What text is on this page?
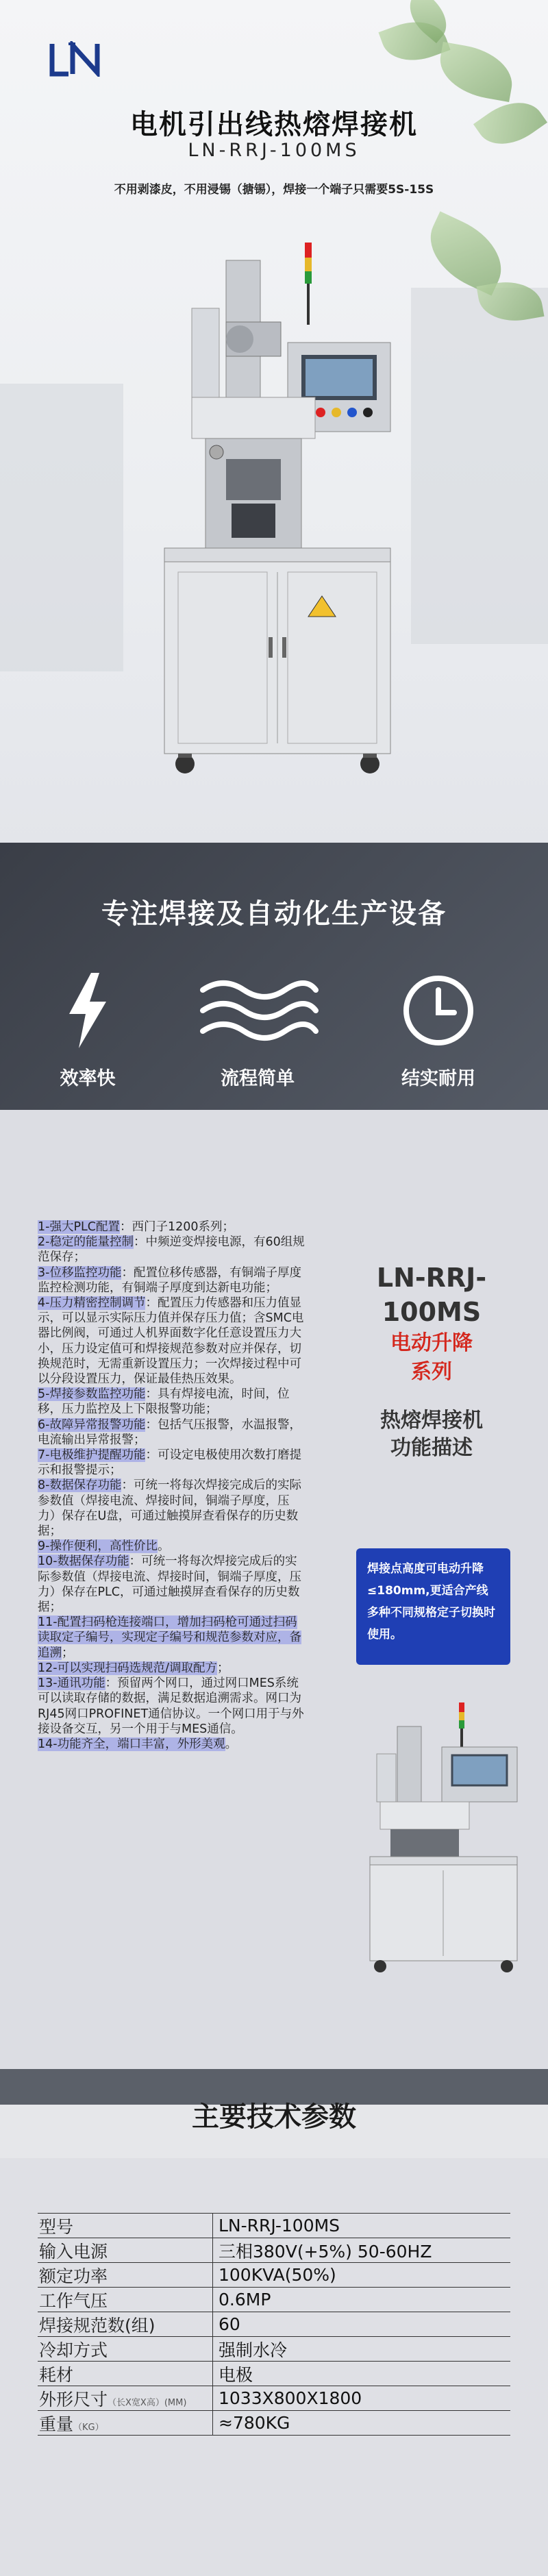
电机引出线热熔焊接机
LN-RRJ-100MS
不用剥漆皮，不用浸锡（搪锡），焊接一个端子只需要5S-15S
专注焊接及自动化生产设备
效率快	流程简单	结实耐用

1-强大PLC配置：西门子1200系列；

2-稳定的能量控制：中频逆变焊接电源，有60组规范保存；

3-位移监控功能：配置位移传感器，有铜端子厚度监控检测功能，有铜端子厚度到达新电功能；

4-压力精密控制调节：配置压力传感器和压力值显示，可以显示实际压力值并保存压力值；含SMC电器比例阀，可通过人机界面数字化任意设置压力大小，压力设定值可和焊接规范参数对应并保存，切换规范时，无需重新设置压力；一次焊接过程中可以分段设置压力，保证最佳热压效果。

5-焊接参数监控功能：具有焊接电流，时间，位移，压力监控及上下限报警功能；

6-故障异常报警功能：包括气压报警，水温报警，电流输出异常报警；

7-电极维护提醒功能：可设定电极使用次数打磨提示和报警提示；

8-数据保存功能：可统一将每次焊接完成后的实际参数值（焊接电流、焊接时间，铜端子厚度，压力）保存在U盘，可通过触摸屏查看保存的历史数据；

9-操作便利，高性价比。

10-数据保存功能：可统一将每次焊接完成后的实际参数值（焊接电流、焊接时间，铜端子厚度，压力）保存在PLC，可通过触摸屏查看保存的历史数据；

11-配置扫码枪连接端口，增加扫码枪可通过扫码读取定子编号，实现定子编号和规范参数对应，备追溯；

12-可以实现扫码选规范/调取配方；

13-通讯功能：预留两个网口，通过网口MES系统可以读取存储的数据，满足数据追溯需求。网口为RJ45网口PROFINET通信协议。一个网口用于与外接设备交互，另一个用于与MES通信。

14-功能齐全，端口丰富，外形美观。

LN-RRJ-
100MS
电动升降
系列
热熔焊接机
功能描述
焊接点高度可电动升降≤180mm,更适合产线多种不同规格定子切换时使用。
主要技术参数
型号	LN-RRJ-100MS
输入电源	三相380V(+5%) 50-60HZ
额定功率	100KVA(50%)
工作气压	0.6MP
焊接规范数(组)	60
冷却方式	强制水冷
耗材	电极
外形尺寸（长X宽X高）(MM)	1033X800X1800
重量（KG）	≈780KG
